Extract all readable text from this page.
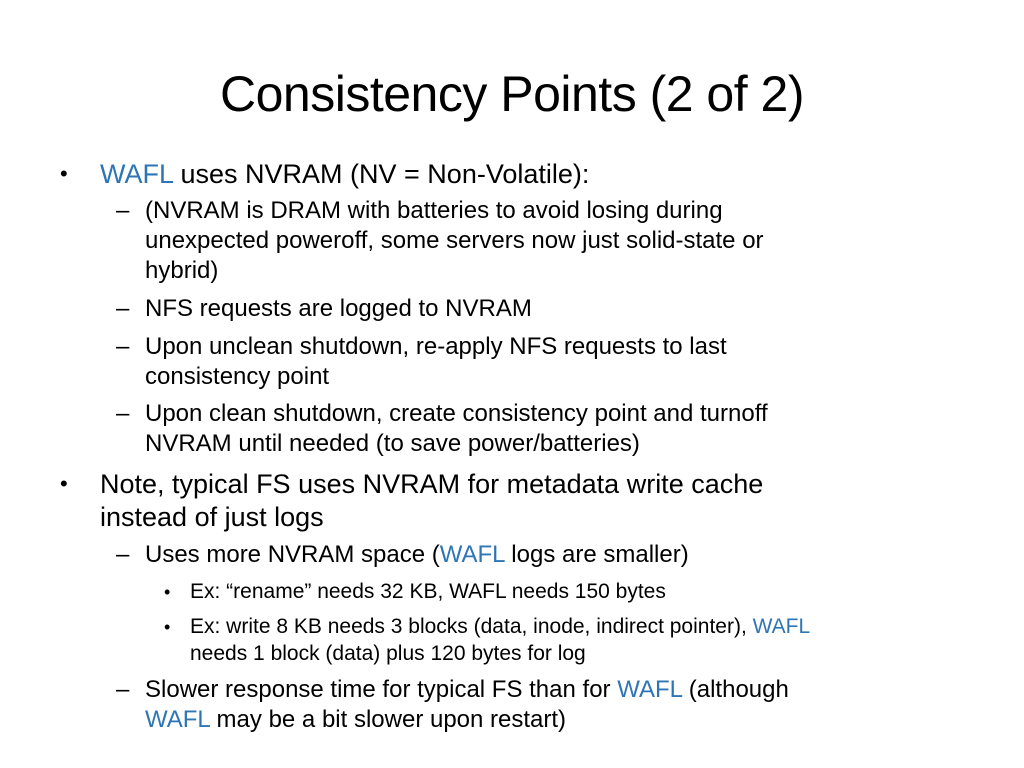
Consistency Points (2 of 2)
• WAFL uses NVRAM (NV = Non-Volatile):
– (NVRAM is DRAM with batteries to avoid losing during
unexpected poweroff, some servers now just solid-state or
hybrid)
– NFS requests are logged to NVRAM
– Upon unclean shutdown, re-apply NFS requests to last
consistency point
– Upon clean shutdown, create consistency point and turnoff
NVRAM until needed (to save power/batteries)
• Note, typical FS uses NVRAM for metadata write cache
instead of just logs
– Uses more NVRAM space (WAFL logs are smaller)
• Ex: “rename” needs 32 KB, WAFL needs 150 bytes
• Ex: write 8 KB needs 3 blocks (data, inode, indirect pointer), WAFL
needs 1 block (data) plus 120 bytes for log
– Slower response time for typical FS than for WAFL (although
WAFL may be a bit slower upon restart)
